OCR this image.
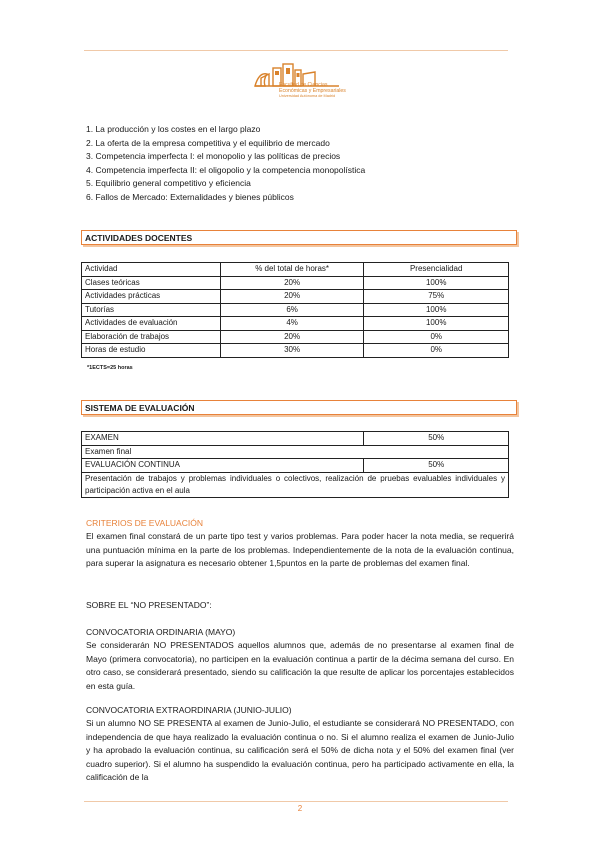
Facultad de Ciencias
Económicas y Empresariales
Universidad Autónoma de Madrid
1. La producción y los costes en el largo plazo
2. La oferta de la empresa competitiva y el equilibrio de mercado
3. Competencia imperfecta I: el monopolio y las políticas de precios
4. Competencia imperfecta II: el oligopolio y la competencia monopolística
5. Equilibrio general competitivo y eficiencia
6. Fallos de Mercado: Externalidades y bienes públicos
ACTIVIDADES DOCENTES
Actividad	% del total de horas*	Presencialidad
Clases teóricas	20%	100%
Actividades prácticas	20%	75%
Tutorías	6%	100%
Actividades de evaluación	4%	100%
Elaboración de trabajos	20%	0%
Horas de estudio	30%	0%
*1ECTS=25 horas
SISTEMA DE EVALUACIÓN
EXAMEN	50%
Examen final	
EVALUACIÓN CONTINUA	50%
Presentación de trabajos y problemas individuales o colectivos, realización de pruebas evaluables individuales y participación activa en el aula	
CRITERIOS DE EVALUACIÓN
El examen final constará de un parte tipo test y varios problemas. Para poder hacer la nota media, se requerirá una puntuación mínima en la parte de los problemas. Independientemente de la nota de la evaluación continua, para superar la asignatura es necesario obtener 1,5puntos en la parte de problemas del examen final.
SOBRE EL “NO PRESENTADO”:
CONVOCATORIA ORDINARIA (MAYO)
Se considerarán NO PRESENTADOS aquellos alumnos que, además de no presentarse al examen final de Mayo (primera convocatoria), no participen en la evaluación continua a partir de la décima semana del curso. En otro caso, se considerará presentado, siendo su calificación la que resulte de aplicar los porcentajes establecidos en esta guía.
CONVOCATORIA EXTRAORDINARIA (JUNIO-JULIO)
Si un alumno NO SE PRESENTA al examen de Junio-Julio, el estudiante se considerará NO PRESENTADO, con independencia de que haya realizado la evaluación continua o no. Si el alumno realiza el examen de Junio-Julio y ha aprobado la evaluación continua, su calificación será el 50% de dicha nota y el 50% del examen final (ver cuadro superior). Si el alumno ha suspendido la evaluación continua, pero ha participado activamente en ella, la calificación de la
2
